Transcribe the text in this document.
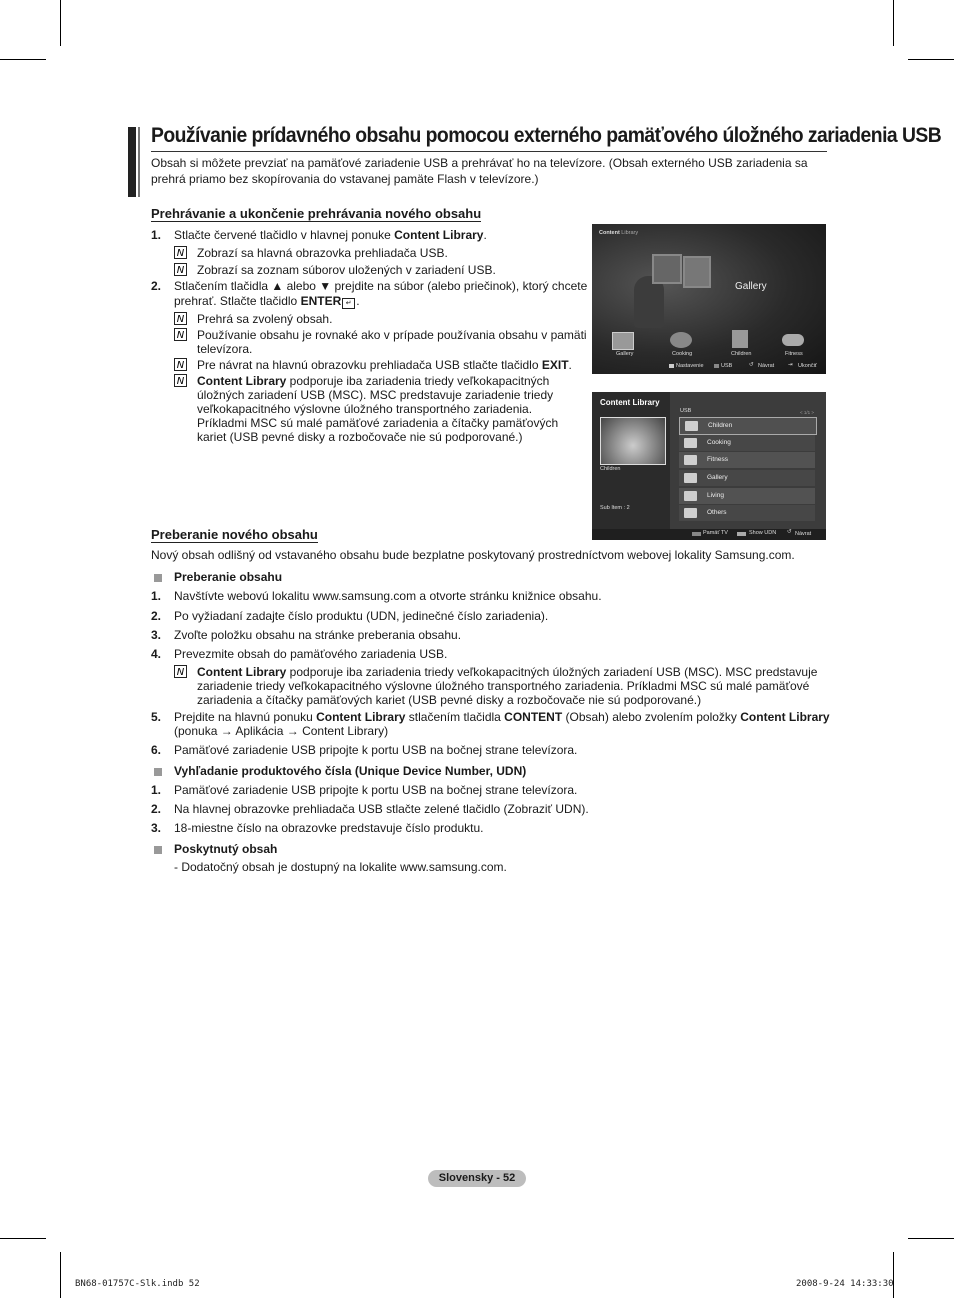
Používanie prídavného obsahu pomocou externého pamäťového úložného zariadenia USB
Obsah si môžete prevziať na pamäťové zariadenie USB a prehrávať ho na televízore. (Obsah externého USB zariadenia sa prehrá priamo bez skopírovania do vstavanej pamäte Flash v televízore.)
Prehrávanie a ukončenie prehrávania nového obsahu
1. Stlačte červené tlačidlo v hlavnej ponuke Content Library.
N Zobrazí sa hlavná obrazovka prehliadača USB.
N Zobrazí sa zoznam súborov uložených v zariadení USB.
2. Stlačením tlačidla ▲ alebo ▼ prejdite na súbor (alebo priečinok), ktorý chcete
prehrať. Stlačte tlačidlo ENTER ↵ .
N Prehrá sa zvolený obsah.
N Používanie obsahu je rovnaké ako v prípade používania obsahu v pamäti
televízora.
N Pre návrat na hlavnú obrazovku prehliadača USB stlačte tlačidlo EXIT.
N Content Library podporuje iba zariadenia triedy veľkokapacitných
úložných zariadení USB (MSC). MSC predstavuje zariadenie triedy
veľkokapacitného výslovne úložného transportného zariadenia.
Príkladmi MSC sú malé pamäťové zariadenia a čítačky pamäťových
kariet (USB pevné disky a rozbočovače nie sú podporované.)
Content Library
Gallery
Gallery	Cooking	Children	Fitness
Nastavenie	USB	↺ Návrat	⇥ Ukončiť
Content Library
Children
Sub Item : 2
USB	< 1/1 >
Children
Cooking
Fitness
Gallery
Living
Others
Pamäť TV	Show UDN ↺ Návrat
Preberanie nového obsahu
Nový obsah odlišný od vstavaného obsahu bude bezplatne poskytovaný prostredníctvom webovej lokality Samsung.com.
Preberanie obsahu
1. Navštívte webovú lokalitu www.samsung.com a otvorte stránku knižnice obsahu.
2. Po vyžiadaní zadajte číslo produktu (UDN, jedinečné číslo zariadenia).
3. Zvoľte položku obsahu na stránke preberania obsahu.
4. Prevezmite obsah do pamäťového zariadenia USB.
N Content Library podporuje iba zariadenia triedy veľkokapacitných úložných zariadení USB (MSC). MSC predstavuje
zariadenie triedy veľkokapacitného výslovne úložného transportného zariadenia. Príkladmi MSC sú malé pamäťové
zariadenia a čítačky pamäťových kariet (USB pevné disky a rozbočovače nie sú podporované.)
5. Prejdite na hlavnú ponuku Content Library stlačením tlačidla CONTENT (Obsah) alebo zvolením položky Content Library
(ponuka → Aplikácia → Content Library)
6. Pamäťové zariadenie USB pripojte k portu USB na bočnej strane televízora.
Vyhľadanie produktového čísla (Unique Device Number, UDN)
1. Pamäťové zariadenie USB pripojte k portu USB na bočnej strane televízora.
2. Na hlavnej obrazovke prehliadača USB stlačte zelené tlačidlo (Zobraziť UDN).
3. 18-miestne číslo na obrazovke predstavuje číslo produktu.
Poskytnutý obsah
- Dodatočný obsah je dostupný na lokalite www.samsung.com.
Slovensky - 52
BN68-01757C-Slk.indb 52	2008-9-24 14:33:30
